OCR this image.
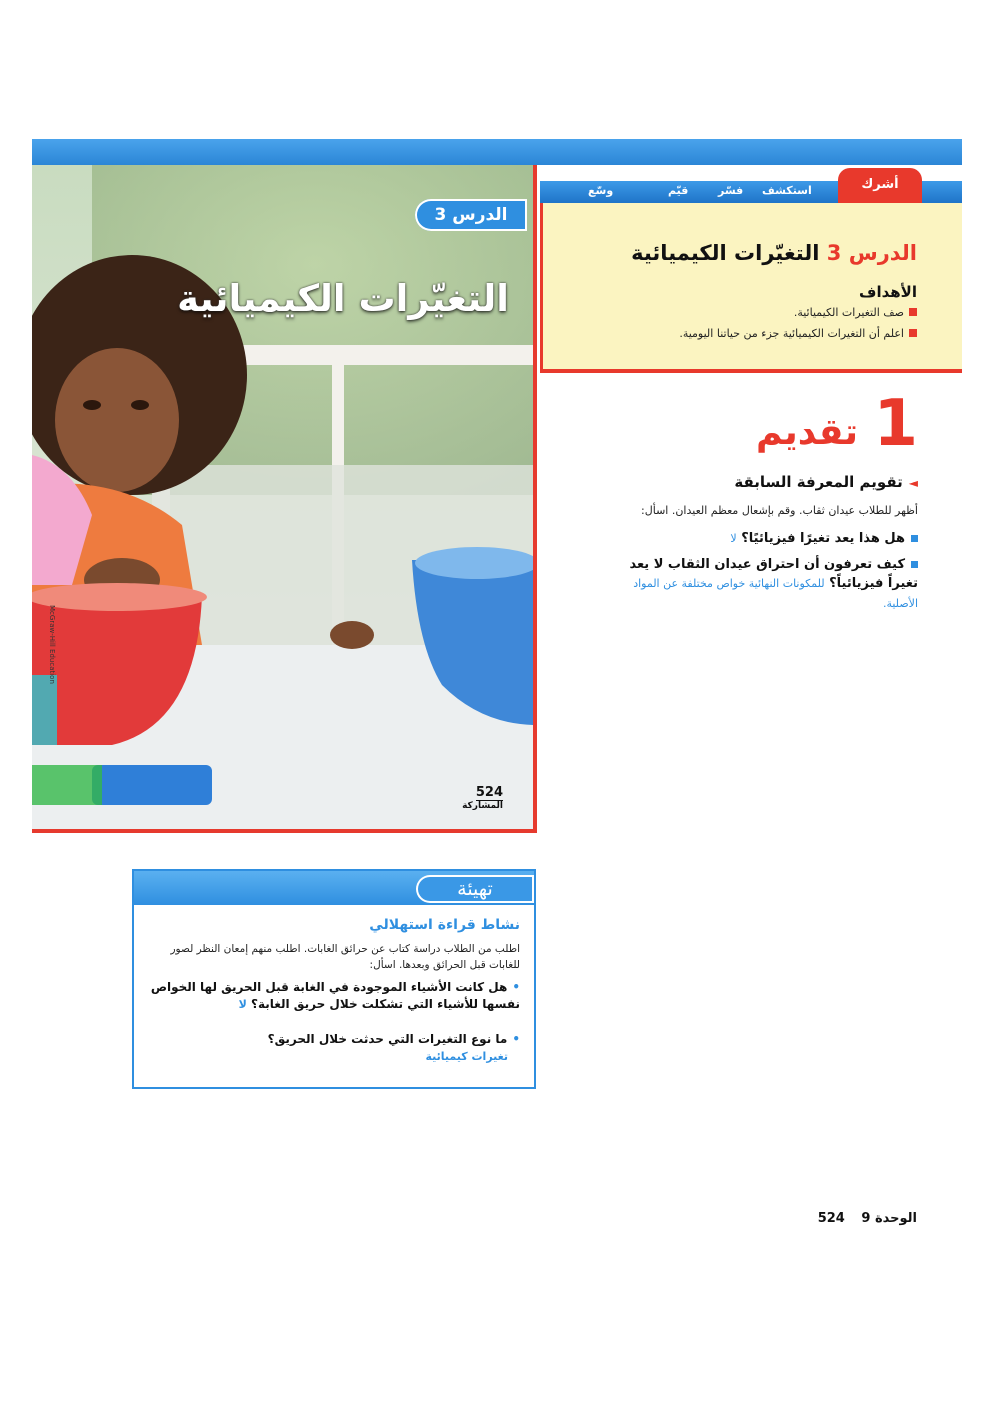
الدرس 3
التغيّرات الكيميائية
McGraw-Hill Education
524
المشاركة
استكشف
فسّر
قيّم
وسّع	أشرك
الدرس 3 التغيّرات الكيميائية
الأهداف
صف التغيرات الكيميائية.
اعلم أن التغيرات الكيميائية جزء من حياتنا اليومية.
1
تقديم
◄تقويم المعرفة السابقة
أظهر للطلاب عيدان ثقاب. وقم بإشعال معظم العيدان. اسأل:
هل هذا يعد تغيرًا فيزيائيًا؟ لا
كيف تعرفون أن احتراق عيدان الثقاب لا يعد تغيراً فيزيائياً؟ للمكونات النهائية خواص مختلفة عن المواد الأصلية.
تهيئة
نشاط قراءة استهلالي
اطلب من الطلاب دراسة كتاب عن حرائق الغابات. اطلب منهم إمعان النظر لصور للغابات قبل الحرائق وبعدها. اسأل:
•هل كانت الأشياء الموجودة في الغابة قبل الحريق لها الخواص نفسها للأشياء التي تشكلت خلال حريق الغابة؟ لا
•ما نوع التغيرات التي حدثت خلال الحريق؟
تغيرات كيميائية
الوحدة 9 524
